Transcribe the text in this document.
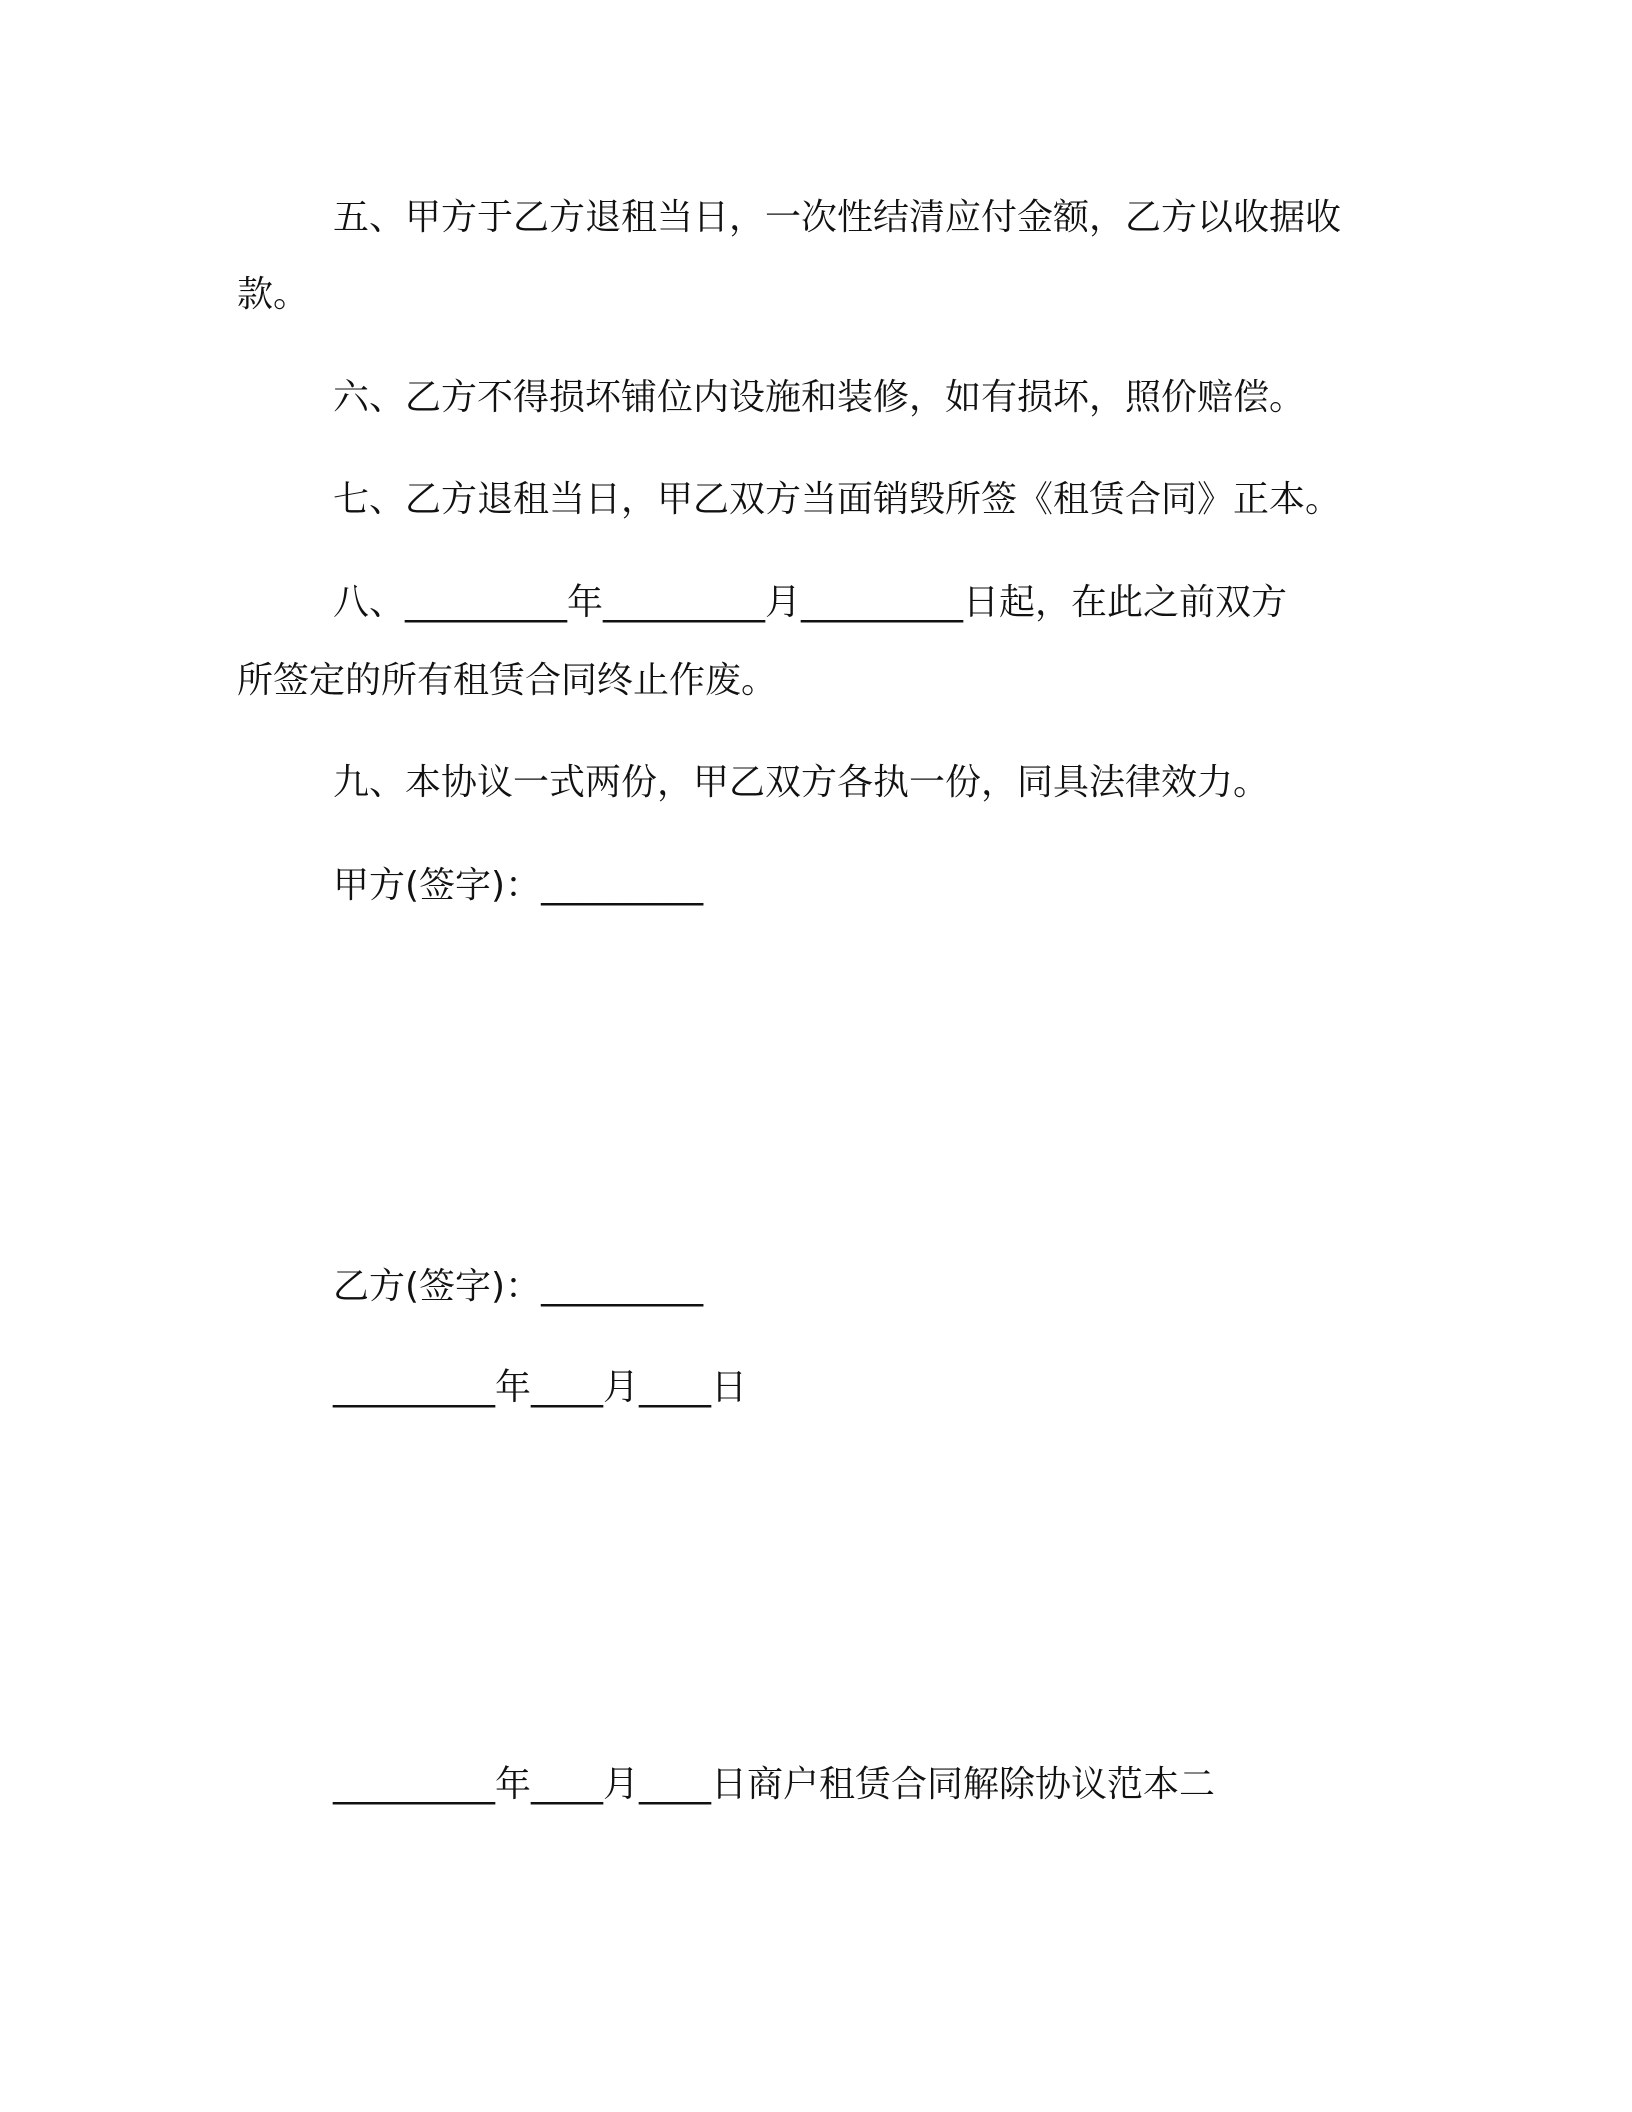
五、甲方于乙方退租当日，一次性结清应付金额，乙方以收据收
款。
六、乙方不得损坏铺位内设施和装修，如有损坏，照价赔偿。
七、乙方退租当日，甲乙双方当面销毁所签《租赁合同》正本。
八、_________年_________月_________日起，在此之前双方
所签定的所有租赁合同终止作废。
九、本协议一式两份，甲乙双方各执一份，同具法律效力。
甲方(签字)：_________
乙方(签字)：_________
_________年____月____日
_________年____月____日商户租赁合同解除协议范本二
